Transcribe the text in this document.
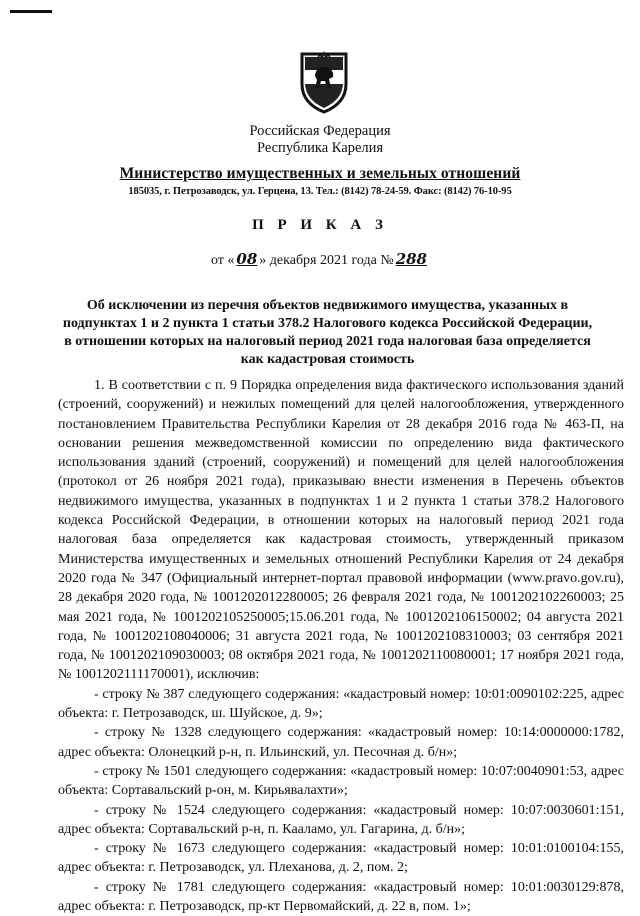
Российская Федерация
Республика Карелия
Министерство имущественных и земельных отношений
185035, г. Петрозаводск, ул. Герцена, 13. Тел.: (8142) 78-24-59. Факс: (8142) 76-10-95
П Р И К А З
от « 08 » декабря 2021 года № 288
Об исключении из перечня объектов недвижимого имущества, указанных в подпунктах 1 и 2 пункта 1 статьи 378.2 Налогового кодекса Российской Федерации, в отношении которых на налоговый период 2021 года налоговая база определяется как кадастровая стоимость

1. В соответствии с п. 9 Порядка определения вида фактического использования зданий (строений, сооружений) и нежилых помещений для целей налогообложения, утвержденного постановлением Правительства Республики Карелия от 28 декабря 2016 года № 463-П, на основании решения межведомственной комиссии по определению вида фактического использования зданий (строений, сооружений) и помещений для целей налогообложения (протокол от 26 ноября 2021 года), приказываю внести изменения в Перечень объектов недвижимого имущества, указанных в подпунктах 1 и 2 пункта 1 статьи 378.2 Налогового кодекса Российской Федерации, в отношении которых на налоговый период 2021 года налоговая база определяется как кадастровая стоимость, утвержденный приказом Министерства имущественных и земельных отношений Республики Карелия от 24 декабря 2020 года № 347 (Официальный интернет-портал правовой информации (www.pravo.gov.ru), 28 декабря 2020 года, № 1001202012280005; 26 февраля 2021 года, № 1001202102260003; 25 мая 2021 года, № 1001202105250005;15.06.201 года, № 1001202106150002; 04 августа 2021 года, № 1001202108040006; 31 августа 2021 года, № 1001202108310003; 03 сентября 2021 года, № 1001202109030003; 08 октября 2021 года, № 1001202110080001; 17 ноября 2021 года, № 1001202111170001), исключив:

- строку № 387 следующего содержания: «кадастровый номер: 10:01:0090102:225, адрес объекта: г. Петрозаводск, ш. Шуйское, д. 9»;

- строку № 1328 следующего содержания: «кадастровый номер: 10:14:0000000:1782, адрес объекта: Олонецкий р-н, п. Ильинский, ул. Песочная д. б/н»;

- строку № 1501 следующего содержания: «кадастровый номер: 10:07:0040901:53, адрес объекта: Сортавальский р-он, м. Кирьявалахти»;

- строку № 1524 следующего содержания: «кадастровый номер: 10:07:0030601:151, адрес объекта: Сортавальский р-н, п. Кааламо, ул. Гагарина, д. б/н»;

- строку № 1673 следующего содержания: «кадастровый номер: 10:01:0100104:155, адрес объекта: г. Петрозаводск, ул. Плеханова, д. 2, пом. 2;

- строку № 1781 следующего содержания: «кадастровый номер: 10:01:0030129:878, адрес объекта: г. Петрозаводск, пр-кт Первомайский, д. 22 в, пом. 1»;
